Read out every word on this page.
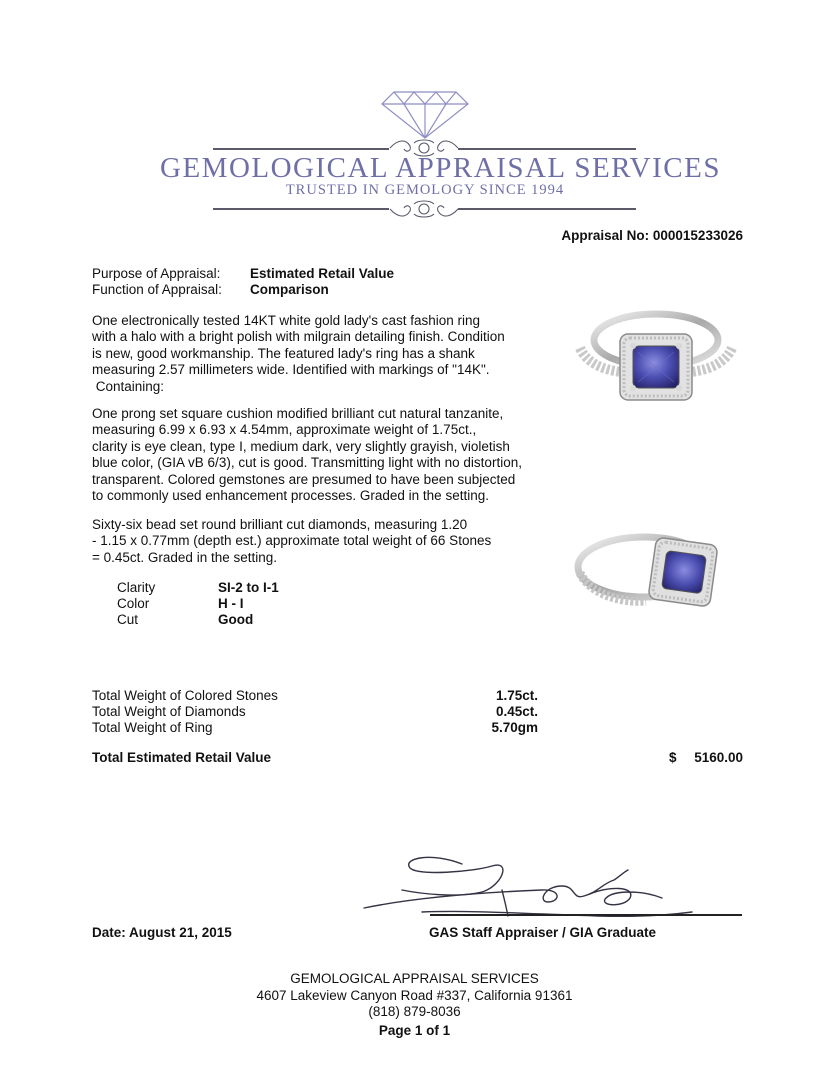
GEMOLOGICAL APPRAISAL SERVICES
TRUSTED IN GEMOLOGY SINCE 1994
Appraisal No: 000015233026
Purpose of Appraisal: Estimated Retail Value
Function of Appraisal: Comparison
One electronically tested 14KT white gold lady's cast fashion ring
with a halo with a bright polish with milgrain detailing finish. Condition
is new, good workmanship. The featured lady's ring has a shank
measuring 2.57 millimeters wide. Identified with markings of "14K".
Containing:
One prong set square cushion modified brilliant cut natural tanzanite,
measuring 6.99 x 6.93 x 4.54mm, approximate weight of 1.75ct.,
clarity is eye clean, type I, medium dark, very slightly grayish, violetish
blue color, (GIA vB 6/3), cut is good. Transmitting light with no distortion,
transparent. Colored gemstones are presumed to have been subjected
to commonly used enhancement processes. Graded in the setting.
Sixty-six bead set round brilliant cut diamonds, measuring 1.20
- 1.15 x 0.77mm (depth est.) approximate total weight of 66 Stones
= 0.45ct. Graded in the setting.
Clarity	SI-2 to I-1
Color	H - I
Cut	Good
Total Weight of Colored Stones	1.75ct.
Total Weight of Diamonds	0.45ct.
Total Weight of Ring	5.70gm
Total Estimated Retail Value	$ 5160.00
Date: August 21, 2015	GAS Staff Appraiser / GIA Graduate
GEMOLOGICAL APPRAISAL SERVICES
4607 Lakeview Canyon Road #337, California 91361
(818) 879-8036
Page 1 of 1
